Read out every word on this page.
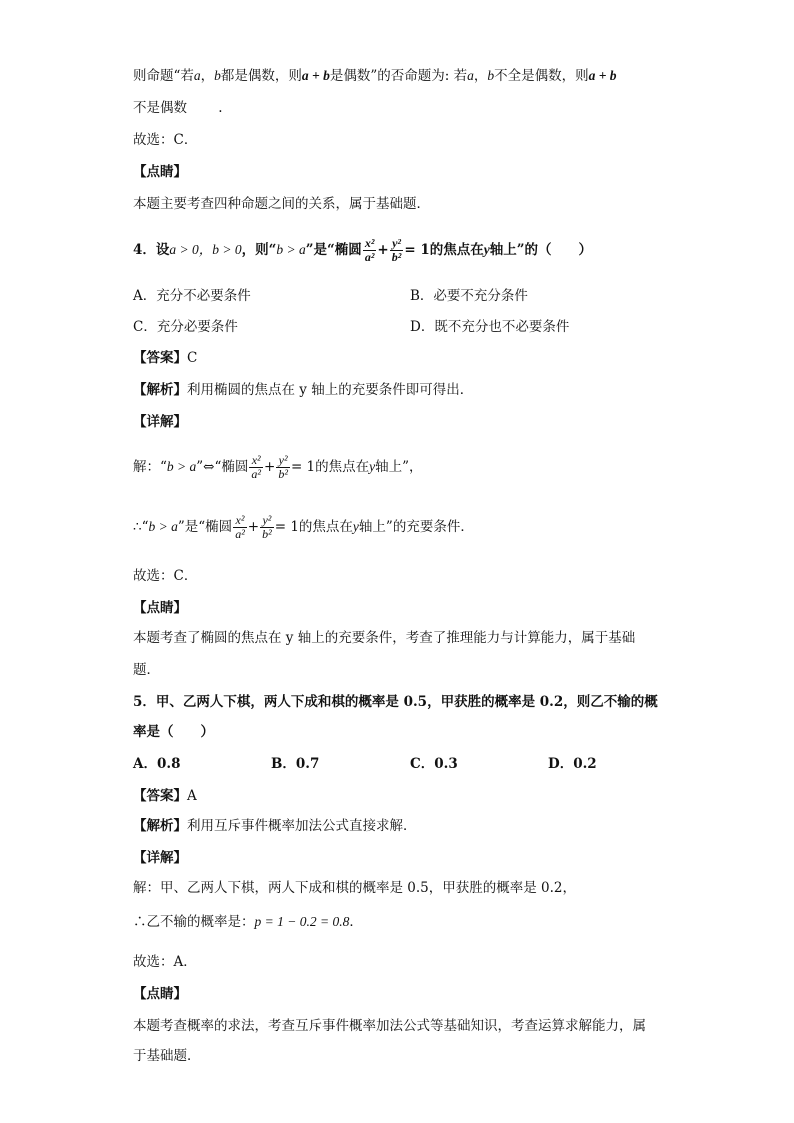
则命题“若a，b都是偶数，则a + b是偶数”的否命题为: 若a，b不全是偶数，则a + b
不是偶数　　 .
故选：C．
【点睛】
本题主要考查四种命题之间的关系，属于基础题．
4．设a > 0，b > 0，则“b > a”是“椭圆 $\frac{\text{x²}}{\text{a²}} + \frac{\text{y²}}{\text{b²}} = 1$的焦点在y轴上”的（　　）
A．充分不必要条件	B．必要不充分条件
C．充分必要条件	D．既不充分也不必要条件
【答案】C
【解析】利用椭圆的焦点在 y 轴上的充要条件即可得出．
【详解】
解：“b > a”⇔“椭圆 $\frac{\text{x²}}{\text{a²}} + \frac{\text{y²}}{\text{b²}} = 1$的焦点在y轴上”，
∴“b > a”是“椭圆 $\frac{\text{x²}}{\text{a²}} + \frac{\text{y²}}{\text{b²}} = 1$的焦点在y轴上”的充要条件．
故选：C．
【点睛】
本题考查了椭圆的焦点在 y 轴上的充要条件，考查了推理能力与计算能力，属于基础
题．
5．甲、乙两人下棋，两人下成和棋的概率是 0.5，甲获胜的概率是 0.2，则乙不输的概
率是（　　）
A．0.8	B．0.7	C．0.3	D．0.2
【答案】A
【解析】利用互斥事件概率加法公式直接求解．
【详解】
解：甲、乙两人下棋，两人下成和棋的概率是 0.5，甲获胜的概率是 0.2，
∴乙不输的概率是：p = 1 − 0.2 = 0.8．
故选：A．
【点睛】
本题考查概率的求法，考查互斥事件概率加法公式等基础知识，考查运算求解能力，属
于基础题．
